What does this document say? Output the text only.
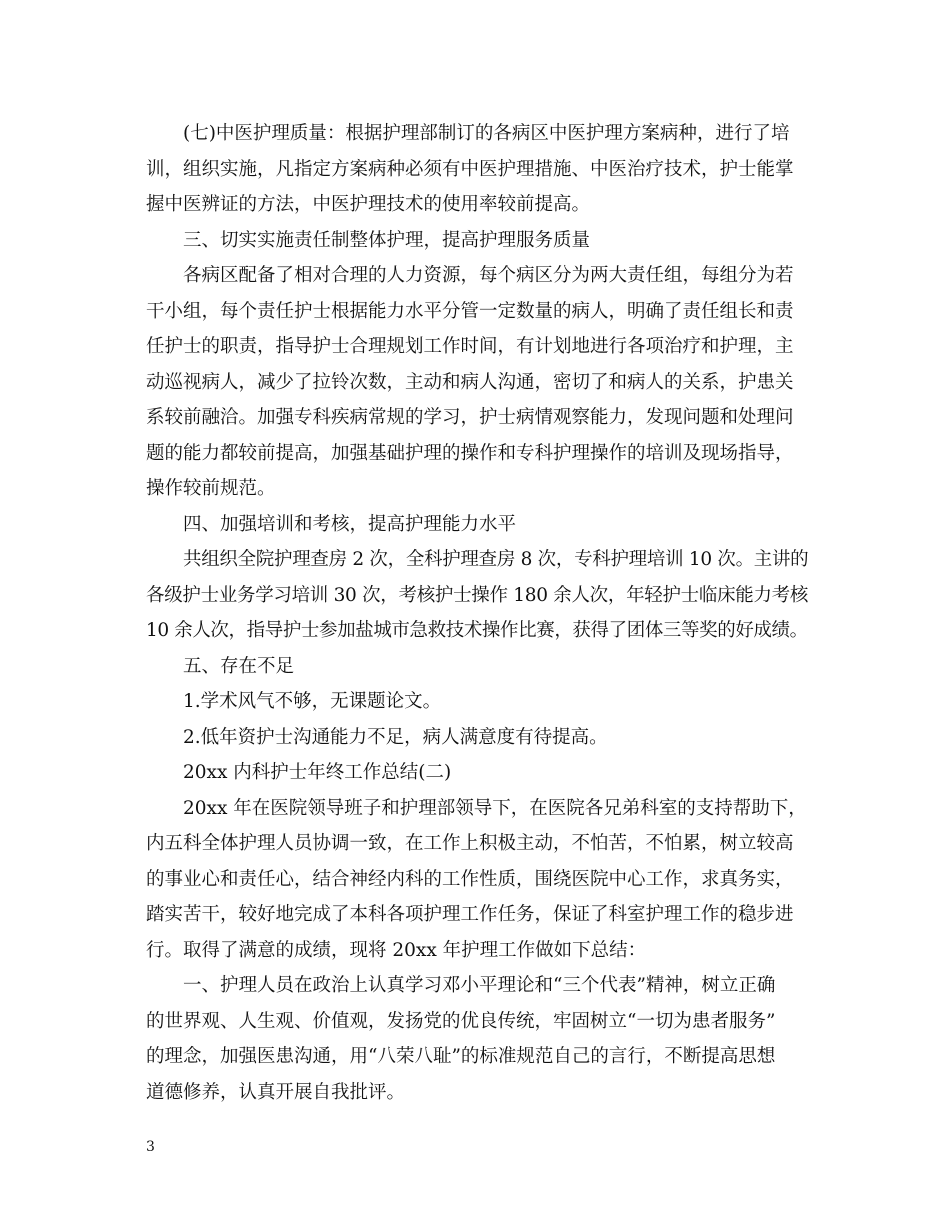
(七)中医护理质量：根据护理部制订的各病区中医护理方案病种，进行了培
训，组织实施，凡指定方案病种必须有中医护理措施、中医治疗技术，护士能掌
握中医辨证的方法，中医护理技术的使用率较前提高。

三、切实实施责任制整体护理，提高护理服务质量

各病区配备了相对合理的人力资源，每个病区分为两大责任组，每组分为若
干小组，每个责任护士根据能力水平分管一定数量的病人，明确了责任组长和责
任护士的职责，指导护士合理规划工作时间，有计划地进行各项治疗和护理，主
动巡视病人，减少了拉铃次数，主动和病人沟通，密切了和病人的关系，护患关
系较前融洽。加强专科疾病常规的学习，护士病情观察能力，发现问题和处理问
题的能力都较前提高，加强基础护理的操作和专科护理操作的培训及现场指导，
操作较前规范。

四、加强培训和考核，提高护理能力水平

共组织全院护理查房 2 次，全科护理查房 8 次，专科护理培训 10 次。主讲的
各级护士业务学习培训 30 次，考核护士操作 180 余人次，年轻护士临床能力考核
10 余人次，指导护士参加盐城市急救技术操作比赛，获得了团体三等奖的好成绩。

五、存在不足

1.学术风气不够，无课题论文。

2.低年资护士沟通能力不足，病人满意度有待提高。

20xx 内科护士年终工作总结(二)

20xx 年在医院领导班子和护理部领导下，在医院各兄弟科室的支持帮助下，
内五科全体护理人员协调一致，在工作上积极主动，不怕苦，不怕累，树立较高
的事业心和责任心，结合神经内科的工作性质，围绕医院中心工作，求真务实，
踏实苦干，较好地完成了本科各项护理工作任务，保证了科室护理工作的稳步进
行。取得了满意的成绩，现将 20xx 年护理工作做如下总结：

一、护理人员在政治上认真学习邓小平理论和“三个代表”精神，树立正确
的世界观、人生观、价值观，发扬党的优良传统，牢固树立“一切为患者服务”
的理念，加强医患沟通，用“八荣八耻”的标准规范自己的言行，不断提高思想
道德修养，认真开展自我批评。

3
